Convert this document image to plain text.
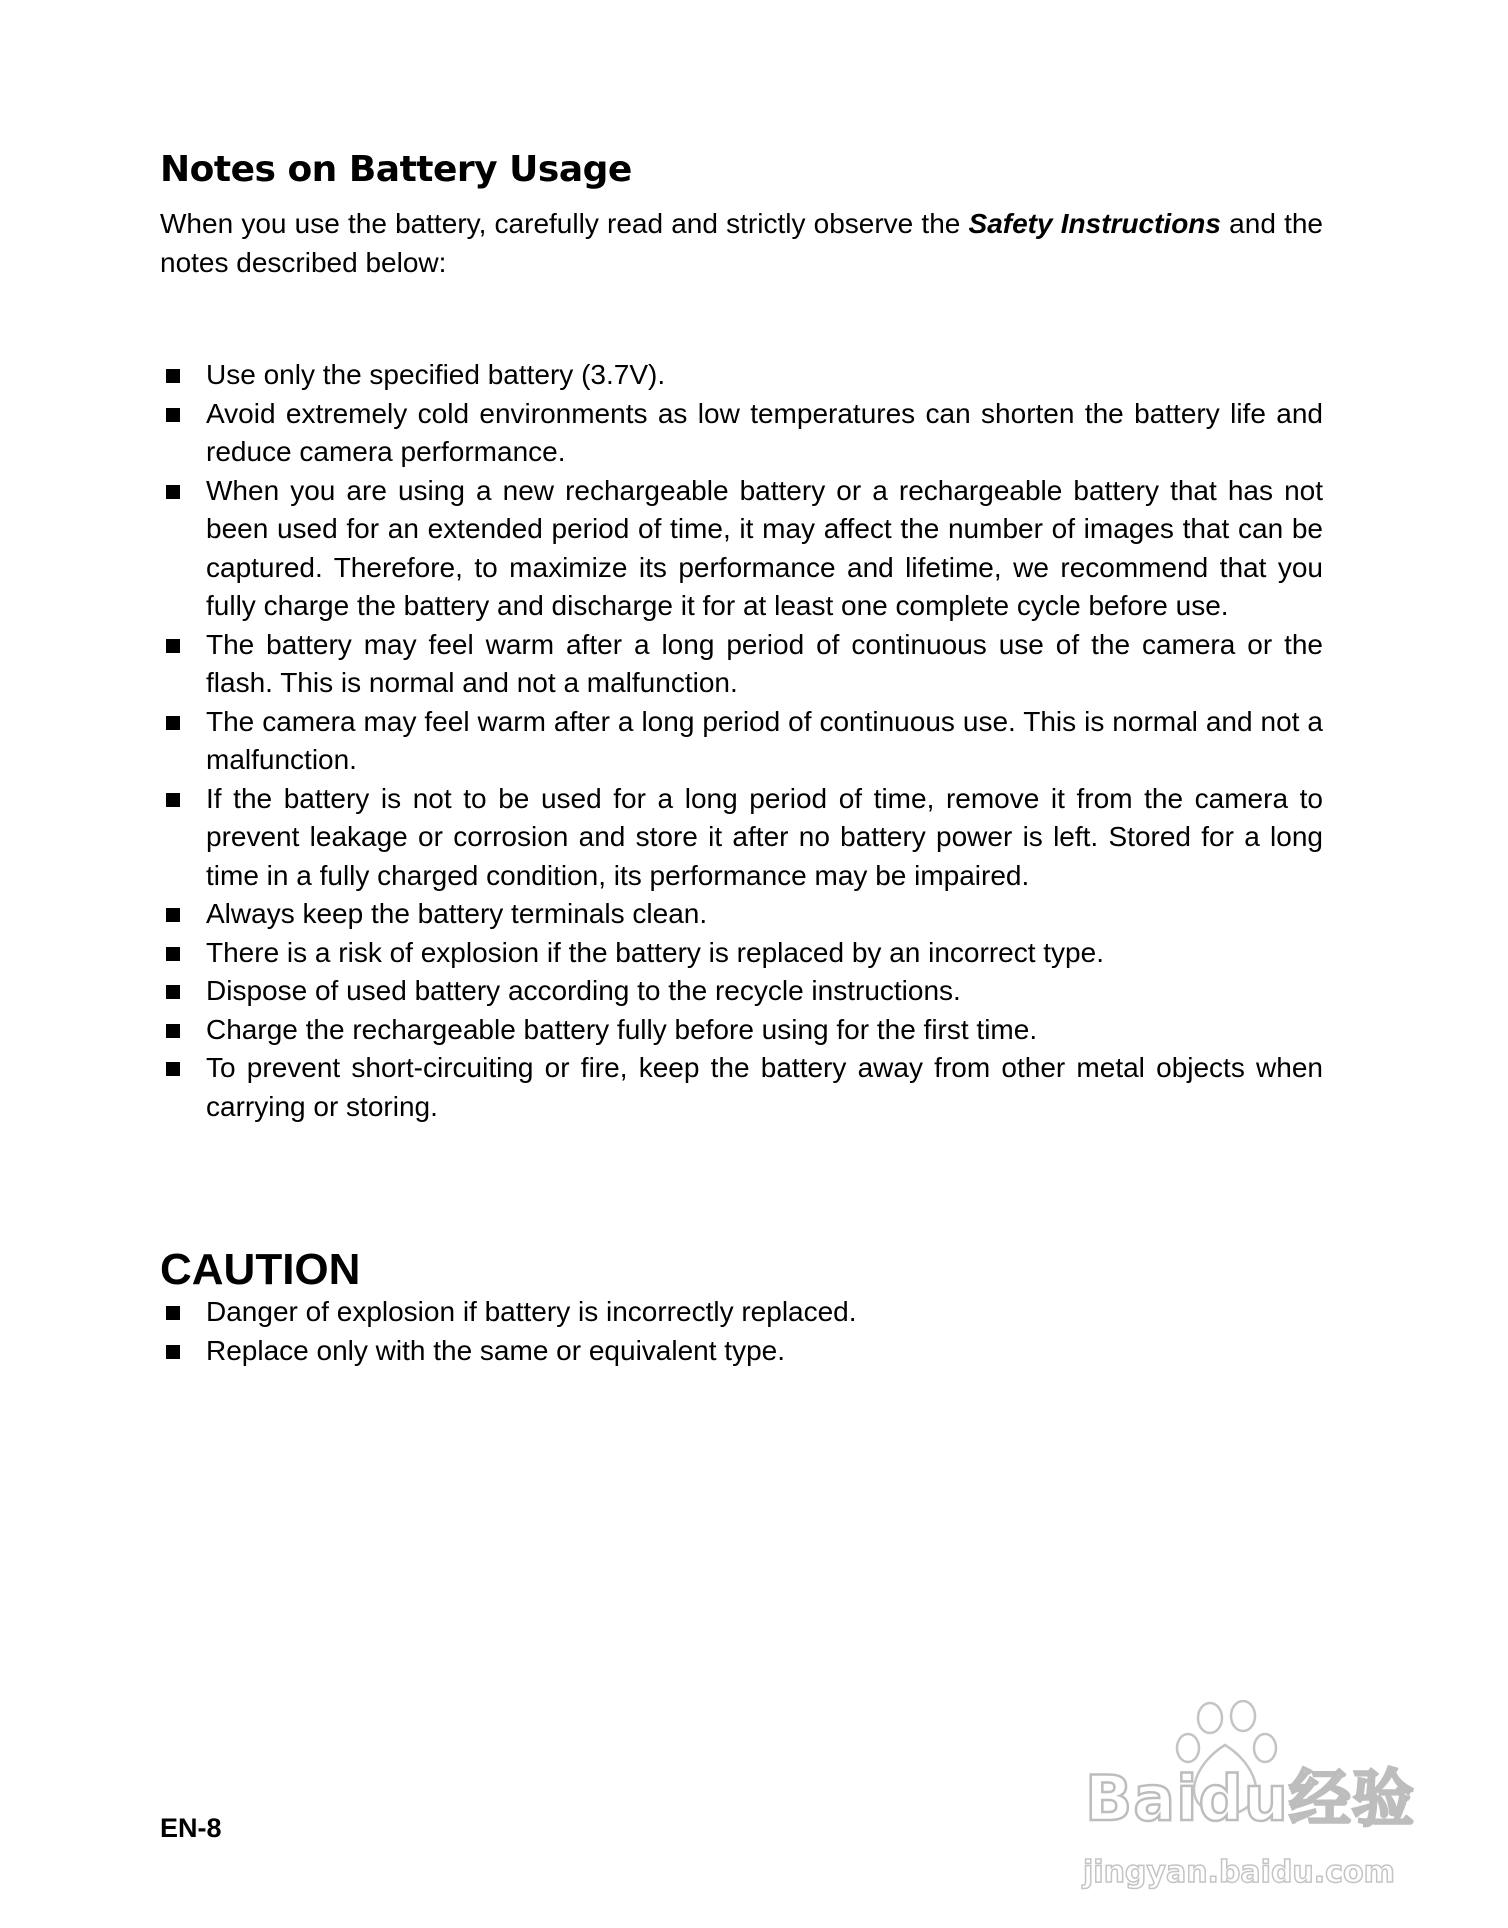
Notes on Battery Usage

When you use the battery, carefully read and strictly observe the Safety Instructions and the notes described below:

Use only the specified battery (3.7V).
Avoid extremely cold environments as low temperatures can shorten the battery life and reduce camera performance.
When you are using a new rechargeable battery or a rechargeable battery that has not been used for an extended period of time, it may affect the number of images that can be captured. Therefore, to maximize its performance and lifetime, we recommend that you fully charge the battery and discharge it for at least one complete cycle before use.
The battery may feel warm after a long period of continuous use of the camera or the flash. This is normal and not a malfunction.
The camera may feel warm after a long period of continuous use. This is normal and not a malfunction.
If the battery is not to be used for a long period of time, remove it from the camera to prevent leakage or corrosion and store it after no battery power is left. Stored for a long time in a fully charged condition, its performance may be impaired.
Always keep the battery terminals clean.
There is a risk of explosion if the battery is replaced by an incorrect type.
Dispose of used battery according to the recycle instructions.
Charge the rechargeable battery fully before using for the first time.
To prevent short-circuiting or fire, keep the battery away from other metal objects when carrying or storing.
CAUTION
Danger of explosion if battery is incorrectly replaced.
Replace only with the same or equivalent type.
EN-8	Baidu经验
jingyan.baidu.com
